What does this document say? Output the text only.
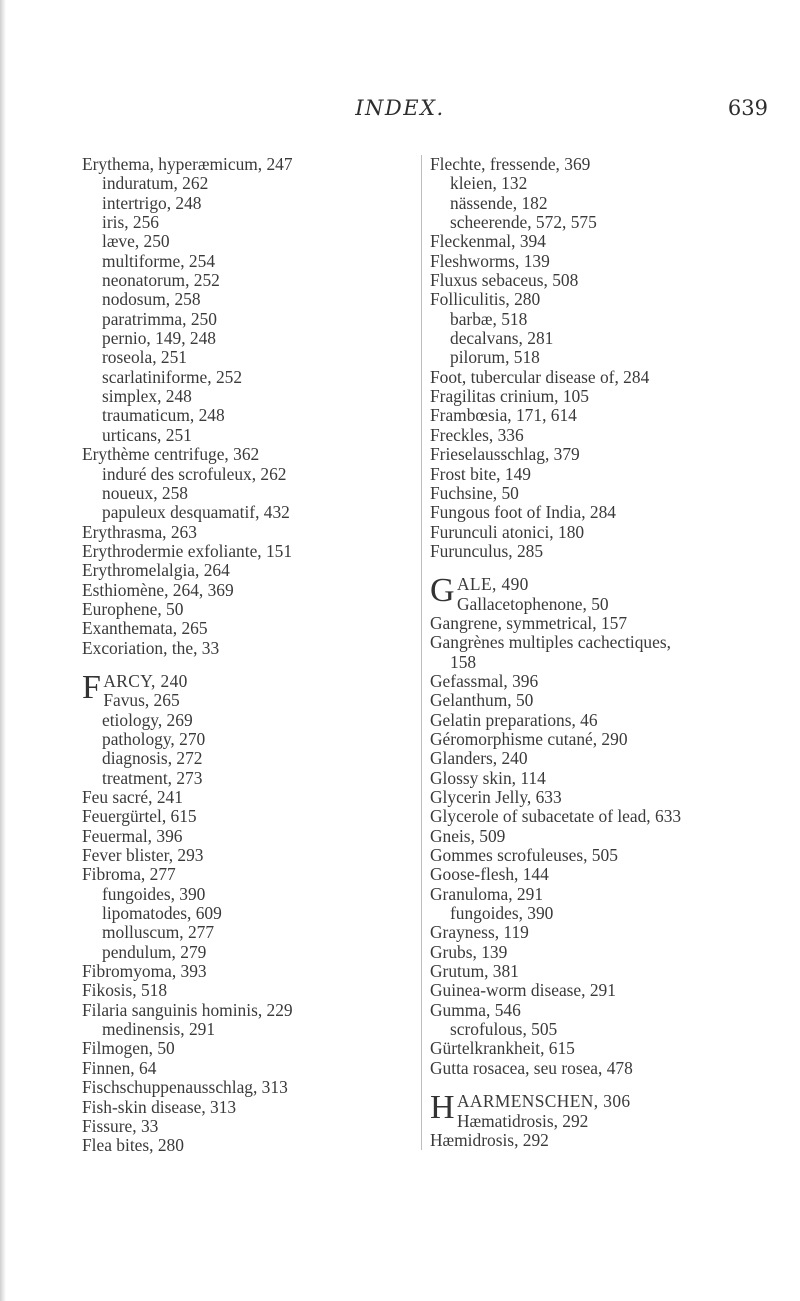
INDEX.	639
Erythema, hyperæmicum, 247
induratum, 262
intertrigo, 248
iris, 256
læve, 250
multiforme, 254
neonatorum, 252
nodosum, 258
paratrimma, 250
pernio, 149, 248
roseola, 251
scarlatiniforme, 252
simplex, 248
traumaticum, 248
urticans, 251
Erythème centrifuge, 362
induré des scrofuleux, 262
noueux, 258
papuleux desquamatif, 432
Erythrasma, 263
Erythrodermie exfoliante, 151
Erythromelalgia, 264
Esthiomène, 264, 369
Europhene, 50
Exanthemata, 265
Excoriation, the, 33
FARCY, 240
Favus, 265
etiology, 269
pathology, 270
diagnosis, 272
treatment, 273
Feu sacré, 241
Feuergürtel, 615
Feuermal, 396
Fever blister, 293
Fibroma, 277
fungoides, 390
lipomatodes, 609
molluscum, 277
pendulum, 279
Fibromyoma, 393
Fikosis, 518
Filaria sanguinis hominis, 229
medinensis, 291
Filmogen, 50
Finnen, 64
Fischschuppenausschlag, 313
Fish-skin disease, 313
Fissure, 33
Flea bites, 280
Flechte, fressende, 369
kleien, 132
nässende, 182
scheerende, 572, 575
Fleckenmal, 394
Fleshworms, 139
Fluxus sebaceus, 508
Folliculitis, 280
barbæ, 518
decalvans, 281
pilorum, 518
Foot, tubercular disease of, 284
Fragilitas crinium, 105
Frambœsia, 171, 614
Freckles, 336
Frieselausschlag, 379
Frost bite, 149
Fuchsine, 50
Fungous foot of India, 284
Furunculi atonici, 180
Furunculus, 285
GALE, 490
Gallacetophenone, 50
Gangrene, symmetrical, 157
Gangrènes multiples cachectiques,
158
Gefassmal, 396
Gelanthum, 50
Gelatin preparations, 46
Géromorphisme cutané, 290
Glanders, 240
Glossy skin, 114
Glycerin Jelly, 633
Glycerole of subacetate of lead, 633
Gneis, 509
Gommes scrofuleuses, 505
Goose-flesh, 144
Granuloma, 291
fungoides, 390
Grayness, 119
Grubs, 139
Grutum, 381
Guinea-worm disease, 291
Gumma, 546
scrofulous, 505
Gürtelkrankheit, 615
Gutta rosacea, seu rosea, 478
HAARMENSCHEN, 306
Hæmatidrosis, 292
Hæmidrosis, 292
